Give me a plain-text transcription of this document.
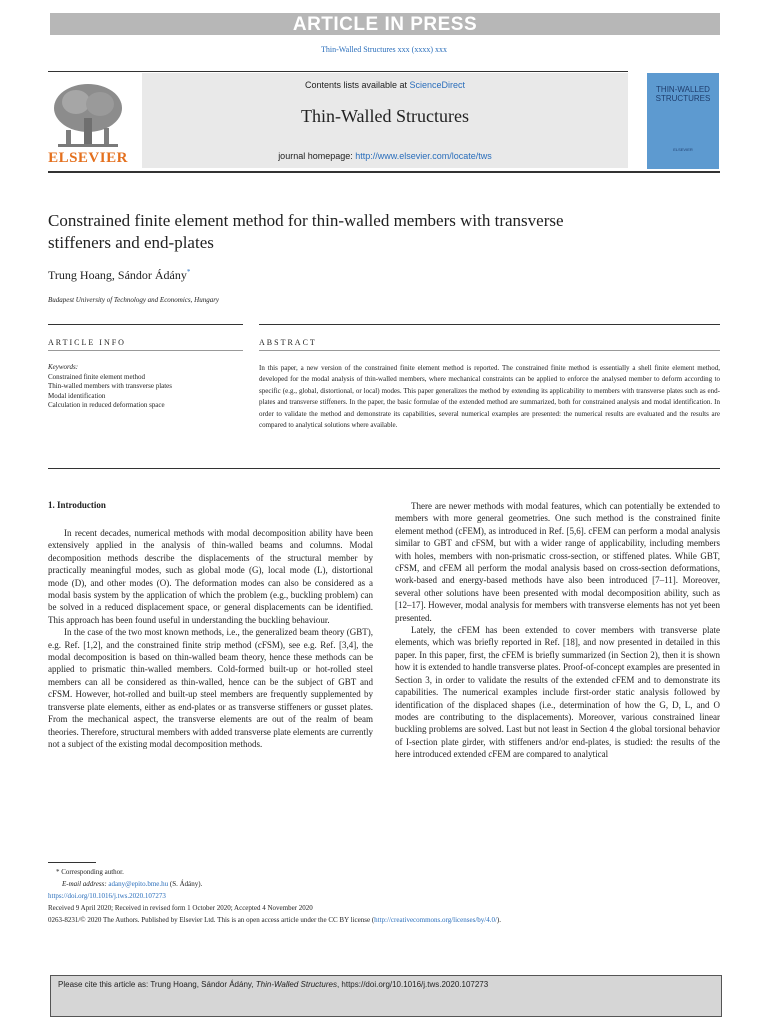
ARTICLE IN PRESS
Thin-Walled Structures xxx (xxxx) xxx
ELSEVIER
Contents lists available at ScienceDirect
Thin-Walled Structures
journal homepage: http://www.elsevier.com/locate/tws
THIN-WALLED STRUCTURES
ELSEVIER
Constrained finite element method for thin-walled members with transverse stiffeners and end-plates
Trung Hoang, Sándor Ádány*
Budapest University of Technology and Economics, Hungary
ARTICLE INFO	ABSTRACT
Keywords:
Constrained finite element method
Thin-walled members with transverse plates
Modal identification
Calculation in reduced deformation space
In this paper, a new version of the constrained finite element method is reported. The constrained finite method is essentially a shell finite element method, developed for the modal analysis of thin-walled members, where mechanical constraints can be applied to enforce the analysed member to deform according to specific (e.g., global, distortional, or local) modes. This paper generalizes the method by extending its applicability to members with transverse plates such as end-plates and transverse stiffeners. In the paper, the basic formulae of the extended method are summarized, both for constrained analysis and modal identification. In order to validate the method and demonstrate its capabilities, several numerical examples are presented: the numerical results are evaluated and the results are compared to analytical solutions where available.
1. Introduction

In recent decades, numerical methods with modal decomposition ability have been extensively applied in the analysis of thin-walled beams and columns. Modal decomposition methods describe the displacements of the structural member by practically meaningful modes, such as global mode (G), local mode (L), distortional mode (D), and other modes (O). The deformation modes can also be considered as a modal basis system by the application of which the problem (e.g., buckling problem) can be solved in a reduced displacement space, or general displacements can be identified. This approach has been found useful in understanding the buckling behaviour.

In the case of the two most known methods, i.e., the generalized beam theory (GBT), e.g. Ref. [1,2], and the constrained finite strip method (cFSM), see e.g. Ref. [3,4], the modal decomposition is based on thin-walled beam theory, hence these methods can be applied to prismatic thin-walled members. Cold-formed built-up or hot-rolled steel members can all be considered as thin-walled, hence can be the subject of GBT and cFSM. However, hot-rolled and built-up steel members are frequently supplemented by transverse plate elements, either as end-plates or as transverse stiffeners or gusset plates. From the mechanical aspect, the transverse elements are out of the realm of beam theories. Therefore, structural members with added transverse plate elements are currently not a subject of the existing modal decomposition methods.

There are newer methods with modal features, which can potentially be extended to members with more general geometries. One such method is the constrained finite element method (cFEM), as introduced in Ref. [5,6]. cFEM can perform a modal analysis similar to GBT and cFSM, but with a wider range of applicability, including members with holes, members with non-prismatic cross-section, or stiffened plates. While GBT, cFSM, and cFEM all perform the modal analysis based on cross-section deformations, work-based and energy-based methods have also been introduced [7–11]. Moreover, several other solutions have been presented with modal decomposition ability, such as [12–17]. However, modal analysis for members with transverse elements has not yet been presented.

Lately, the cFEM has been extended to cover members with transverse plate elements, which was briefly reported in Ref. [18], and now presented in detailed in this paper. In this paper, first, the cFEM is briefly summarized (in Section 2), then it is shown how it is extended to handle transverse plates. Proof-of-concept examples are presented in Section 3, in order to validate the results of the extended cFEM and to demonstrate its capabilities. The numerical examples include first-order static analysis followed by identification of the displaced shapes (i.e., determination of how the G, D, L, and O modes are contributing to the displacements). Moreover, various constrained linear buckling problems are solved. Last but not least in Section 4 the global torsional behavior of I-section plate girder, with stiffeners and/or end-plates, is studied: the results of the here introduced extended cFEM are compared to analytical

* Corresponding author.
E-mail address: adany@epito.bme.hu (S. Ádány).
https://doi.org/10.1016/j.tws.2020.107273
Received 9 April 2020; Received in revised form 1 October 2020; Accepted 4 November 2020
0263-8231/© 2020 The Authors. Published by Elsevier Ltd. This is an open access article under the CC BY license (http://creativecommons.org/licenses/by/4.0/).
Please cite this article as: Trung Hoang, Sándor Ádány, Thin-Walled Structures, https://doi.org/10.1016/j.tws.2020.107273
